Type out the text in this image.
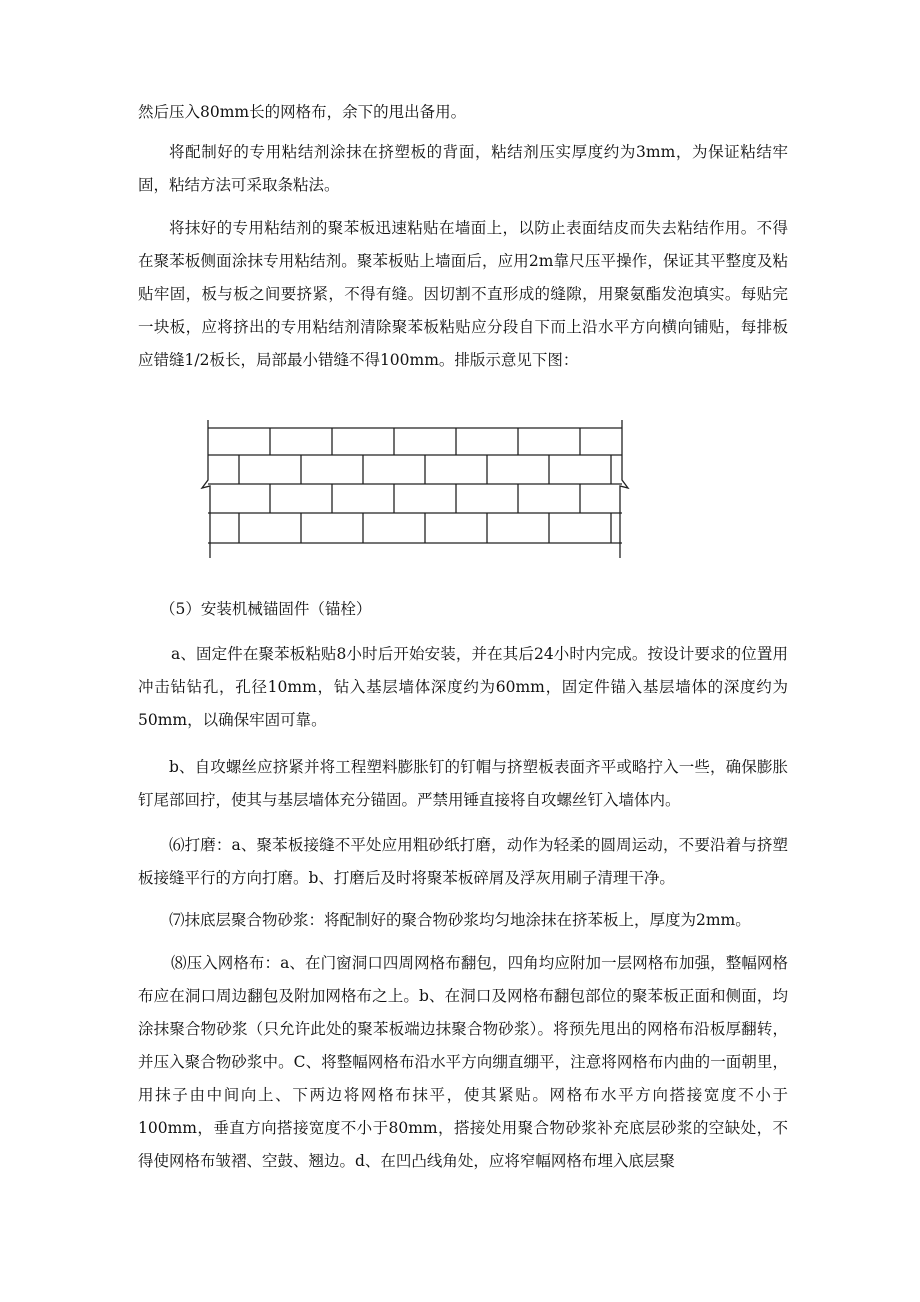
然后压入80mm长的网格布，余下的甩出备用。

将配制好的专用粘结剂涂抹在挤塑板的背面，粘结剂压实厚度约为3mm，为保证粘结牢固，粘结方法可采取条粘法。

将抹好的专用粘结剂的聚苯板迅速粘贴在墙面上，以防止表面结皮而失去粘结作用。不得在聚苯板侧面涂抹专用粘结剂。聚苯板贴上墙面后，应用2m靠尺压平操作，保证其平整度及粘贴牢固，板与板之间要挤紧，不得有缝。因切割不直形成的缝隙，用聚氨酯发泡填实。每贴完一块板，应将挤出的专用粘结剂清除聚苯板粘贴应分段自下而上沿水平方向横向铺贴，每排板应错缝1/2板长，局部最小错缝不得100mm。排版示意见下图：

（5）安装机械锚固件（锚栓）

a、固定件在聚苯板粘贴8小时后开始安装，并在其后24小时内完成。按设计要求的位置用冲击钻钻孔，孔径10mm，钻入基层墙体深度约为60mm，固定件锚入基层墙体的深度约为50mm，以确保牢固可靠。

b、自攻螺丝应挤紧并将工程塑料膨胀钉的钉帽与挤塑板表面齐平或略拧入一些，确保膨胀钉尾部回拧，使其与基层墙体充分锚固。严禁用锤直接将自攻螺丝钉入墙体内。

⑹打磨：a、聚苯板接缝不平处应用粗砂纸打磨，动作为轻柔的圆周运动，不要沿着与挤塑板接缝平行的方向打磨。b、打磨后及时将聚苯板碎屑及浮灰用刷子清理干净。

⑺抹底层聚合物砂浆：将配制好的聚合物砂浆均匀地涂抹在挤苯板上，厚度为2mm。

⑻压入网格布：a、在门窗洞口四周网格布翻包，四角均应附加一层网格布加强，整幅网格布应在洞口周边翻包及附加网格布之上。b、在洞口及网格布翻包部位的聚苯板正面和侧面，均涂抹聚合物砂浆（只允许此处的聚苯板端边抹聚合物砂浆）。将预先甩出的网格布沿板厚翻转，并压入聚合物砂浆中。C、将整幅网格布沿水平方向绷直绷平，注意将网格布内曲的一面朝里，用抹子由中间向上、下两边将网格布抹平，使其紧贴。网格布水平方向搭接宽度不小于100mm，垂直方向搭接宽度不小于80mm，搭接处用聚合物砂浆补充底层砂浆的空缺处，不得使网格布皱褶、空鼓、翘边。d、在凹凸线角处，应将窄幅网格布埋入底层聚
